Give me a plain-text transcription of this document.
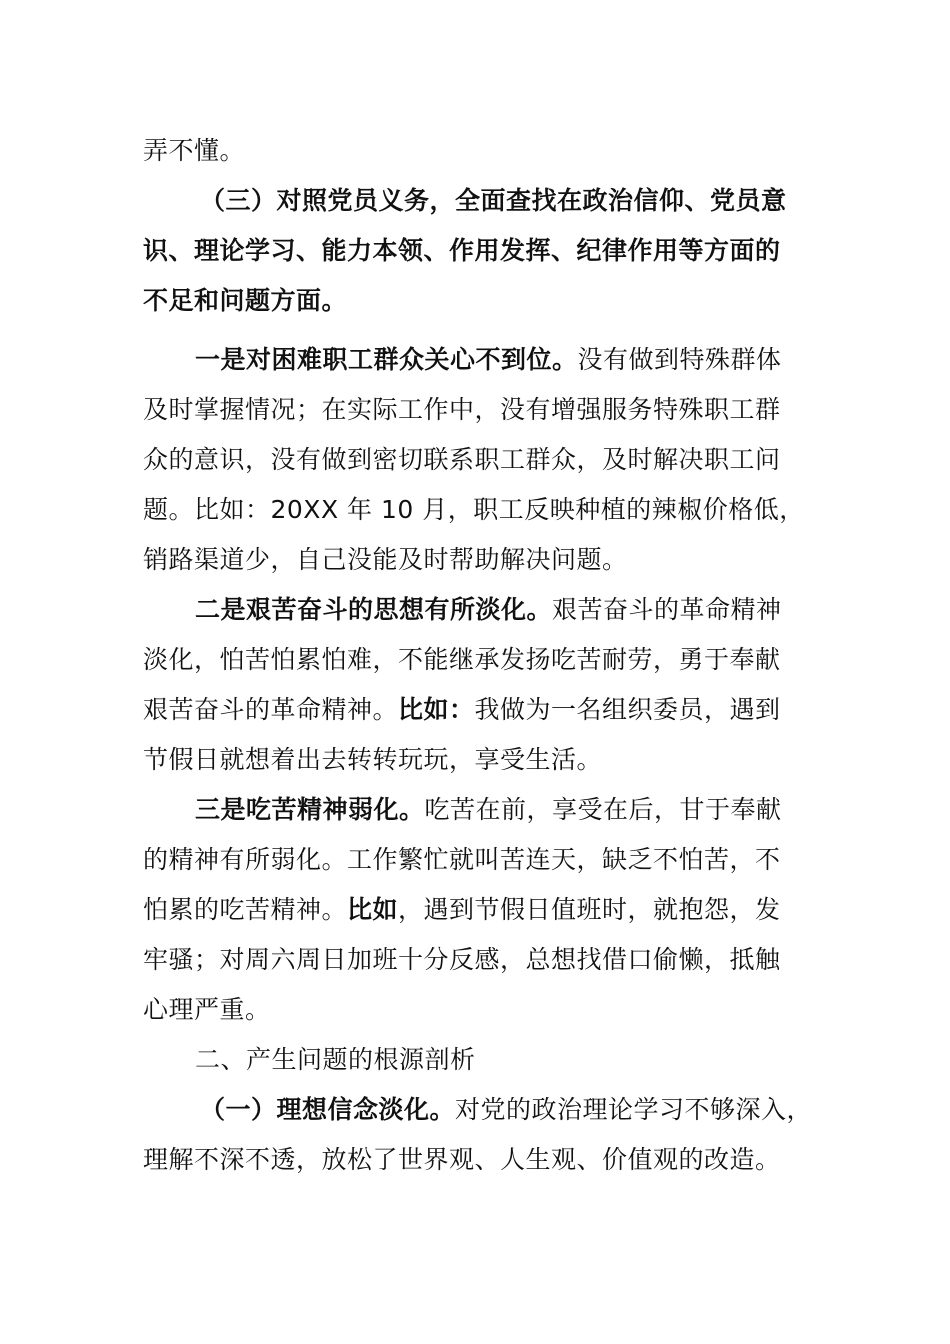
弄不懂。
（三）对照党员义务，全面查找在政治信仰、党员意
识、理论学习、能力本领、作用发挥、纪律作用等方面的
不足和问题方面。
一是对困难职工群众关心不到位。没有做到特殊群体
及时掌握情况；在实际工作中，没有增强服务特殊职工群
众的意识，没有做到密切联系职工群众，及时解决职工问
题。比如：20XX 年 10 月，职工反映种植的辣椒价格低，
销路渠道少，自己没能及时帮助解决问题。
二是艰苦奋斗的思想有所淡化。艰苦奋斗的革命精神
淡化，怕苦怕累怕难，不能继承发扬吃苦耐劳，勇于奉献
艰苦奋斗的革命精神。比如：我做为一名组织委员，遇到
节假日就想着出去转转玩玩，享受生活。
三是吃苦精神弱化。吃苦在前，享受在后，甘于奉献
的精神有所弱化。工作繁忙就叫苦连天，缺乏不怕苦，不
怕累的吃苦精神。比如，遇到节假日值班时，就抱怨，发
牢骚；对周六周日加班十分反感，总想找借口偷懒，抵触
心理严重。
二、产生问题的根源剖析
（一）理想信念淡化。对党的政治理论学习不够深入，
理解不深不透，放松了世界观、人生观、价值观的改造。
